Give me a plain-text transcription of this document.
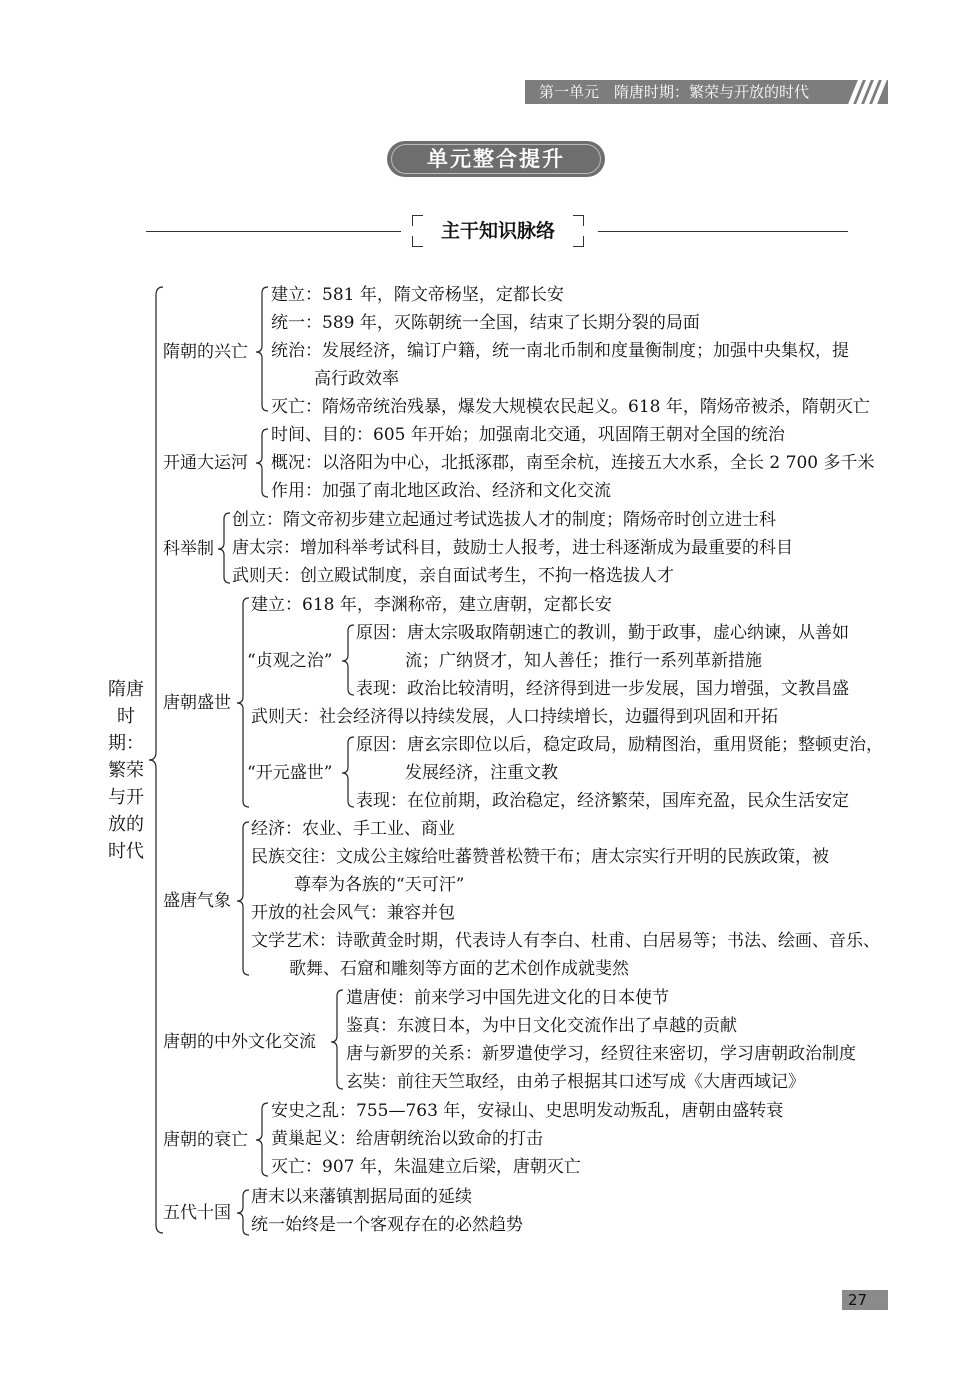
第一单元　隋唐时期：繁荣与开放的时代
单元整合提升
主干知识脉络
隋唐
时期：
繁荣
与开
放的
时代
隋朝的兴亡
建立：581 年，隋文帝杨坚，定都长安
统一：589 年，灭陈朝统一全国，结束了长期分裂的局面
统治：发展经济，编订户籍，统一南北币制和度量衡制度；加强中央集权，提
高行政效率
灭亡：隋炀帝统治残暴，爆发大规模农民起义。618 年，隋炀帝被杀，隋朝灭亡
开通大运河
时间、目的：605 年开始；加强南北交通，巩固隋王朝对全国的统治
概况：以洛阳为中心，北抵涿郡，南至余杭，连接五大水系，全长 2 700 多千米
作用：加强了南北地区政治、经济和文化交流
科举制
创立：隋文帝初步建立起通过考试选拔人才的制度；隋炀帝时创立进士科
唐太宗：增加科举考试科目，鼓励士人报考，进士科逐渐成为最重要的科目
武则天：创立殿试制度，亲自面试考生，不拘一格选拔人才
唐朝盛世
建立：618 年，李渊称帝，建立唐朝，定都长安
“贞观之治”
原因：唐太宗吸取隋朝速亡的教训，勤于政事，虚心纳谏，从善如
流；广纳贤才，知人善任；推行一系列革新措施
表现：政治比较清明，经济得到进一步发展，国力增强，文教昌盛
武则天：社会经济得以持续发展，人口持续增长，边疆得到巩固和开拓
“开元盛世”
原因：唐玄宗即位以后，稳定政局，励精图治，重用贤能；整顿吏治，
发展经济，注重文教
表现：在位前期，政治稳定，经济繁荣，国库充盈，民众生活安定
盛唐气象
经济：农业、手工业、商业
民族交往：文成公主嫁给吐蕃赞普松赞干布；唐太宗实行开明的民族政策，被
尊奉为各族的“天可汗”
开放的社会风气：兼容并包
文学艺术：诗歌黄金时期，代表诗人有李白、杜甫、白居易等；书法、绘画、音乐、
歌舞、石窟和雕刻等方面的艺术创作成就斐然
唐朝的中外文化交流
遣唐使：前来学习中国先进文化的日本使节
鉴真：东渡日本，为中日文化交流作出了卓越的贡献
唐与新罗的关系：新罗遣使学习，经贸往来密切，学习唐朝政治制度
玄奘：前往天竺取经，由弟子根据其口述写成《大唐西域记》
唐朝的衰亡
安史之乱：755—763 年，安禄山、史思明发动叛乱，唐朝由盛转衰
黄巢起义：给唐朝统治以致命的打击
灭亡：907 年，朱温建立后梁，唐朝灭亡
五代十国
唐末以来藩镇割据局面的延续
统一始终是一个客观存在的必然趋势
27
